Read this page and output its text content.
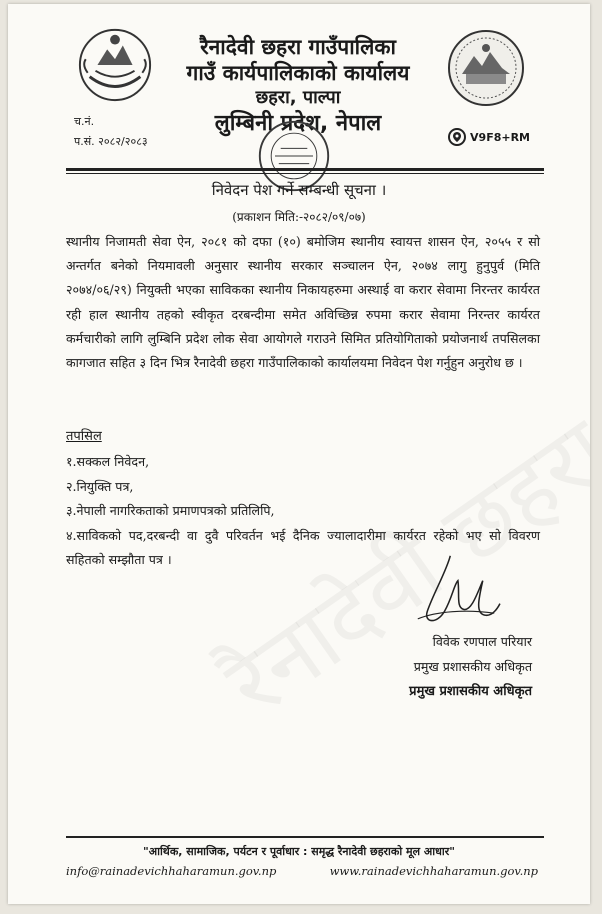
रैनादेवी छहरा गाउँपालिका
गाउँ कार्यपालिकाको कार्यालय
छहरा, पाल्पा
लुम्बिनी प्रदेश, नेपाल
च.नं.
प.सं. २०८२/२०८३	V9F8+RM
निवेदन पेश गर्ने सम्बन्धी सूचना ।
(प्रकाशन मिति:-२०८२/०९/०७)
स्थानीय निजामती सेवा ऐन, २०८१ को दफा (१०) बमोजिम स्थानीय स्वायत्त शासन ऐन, २०५५ र सो अन्तर्गत बनेको नियमावली अनुसार स्थानीय सरकार सञ्चालन ऐन, २०७४ लागु हुनुपुर्व (मिति २०७४/०६/२९) नियुक्ती भएका साविकका स्थानीय निकायहरुमा अस्थाई वा करार सेवामा निरन्तर कार्यरत रही हाल स्थानीय तहको स्वीकृत दरबन्दीमा समेत अविच्छिन्न रुपमा करार सेवामा निरन्तर कार्यरत कर्मचारीको लागि लुम्बिनि प्रदेश लोक सेवा आयोगले गराउने सिमित प्रतियोगिताको प्रयोजनार्थ तपसिलका कागजात सहित ३ दिन भित्र रैनादेवी छहरा गाउँपालिकाको कार्यालयमा निवेदन पेश गर्नुहुन अनुरोध छ ।
तपसिल

१.सक्कल निवेदन,

२.नियुक्ति पत्र,

३.नेपाली नागरिकताको प्रमाणपत्रको प्रतिलिपि,

४.साविकको पद,दरबन्दी वा दुवै परिवर्तन भई दैनिक ज्यालादारीमा कार्यरत रहेको भए सो विवरण सहितको सम्झौता पत्र ।

विवेक रणपाल परियार
प्रमुख प्रशासकीय अधिकृत
प्रमुख प्रशासकीय अधिकृत
"आर्थिक, सामाजिक, पर्यटन र पूर्वाधार : समृद्ध रैनादेवी छहराको मूल आधार"
info@rainadevichhaharamun.gov.np	www.rainadevichhaharamun.gov.np
